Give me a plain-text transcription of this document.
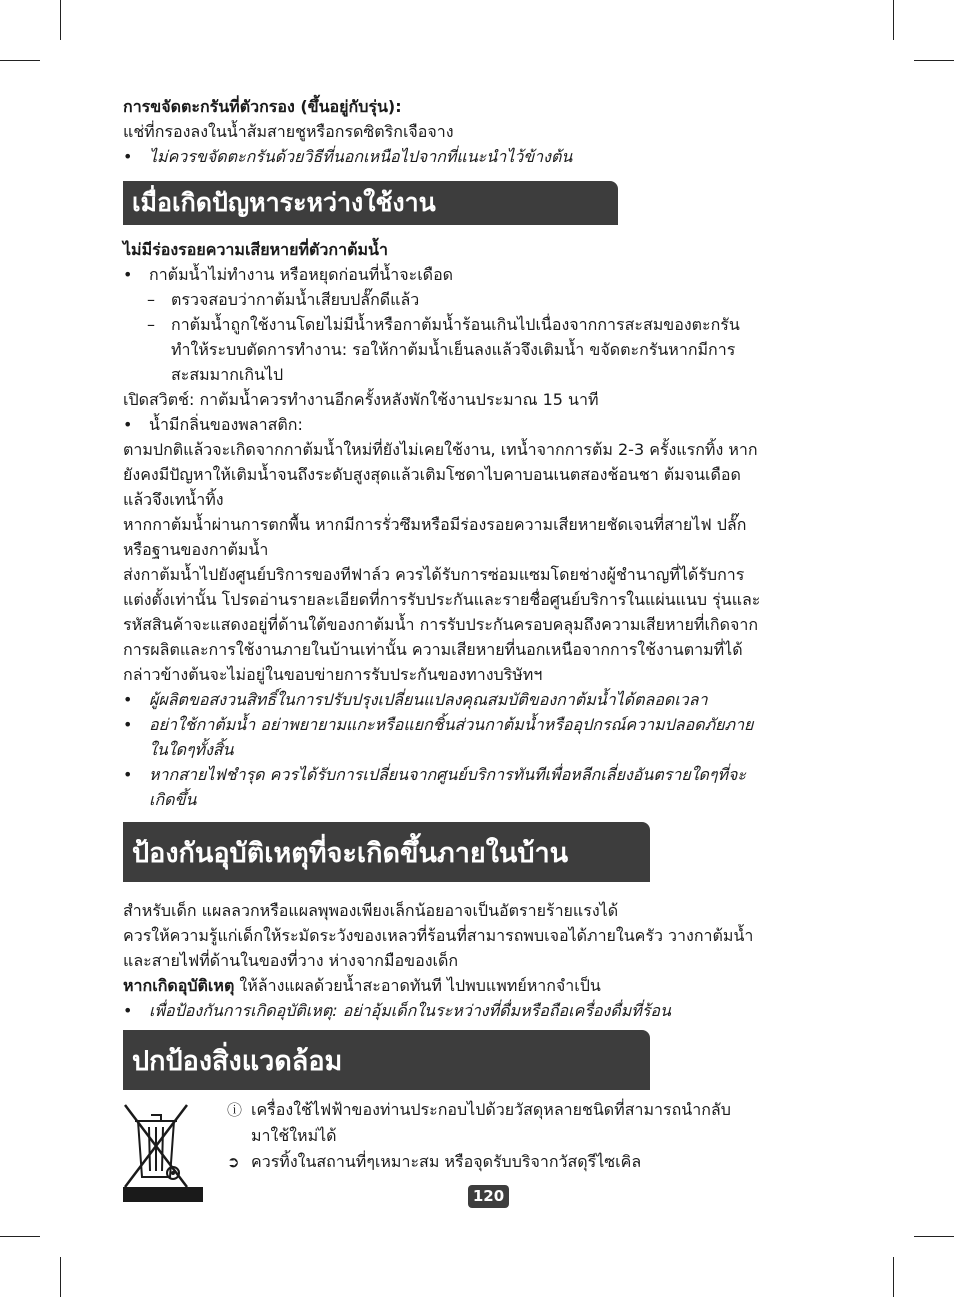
การขจัดตะกรันที่ตัวกรอง (ขึ้นอยู่กับรุ่น):
แช่ที่กรองลงในน้ำส้มสายชูหรือกรดซิตริกเจือจาง
• ไม่ควรขจัดตะกรันด้วยวิธีที่นอกเหนือไปจากที่แนะนำไว้ข้างต้น
เมื่อเกิดปัญหาระหว่างใช้งาน
ไม่มีร่องรอยความเสียหายที่ตัวกาต้มน้ำ
• กาต้มน้ำไม่ทำงาน หรือหยุดก่อนที่น้ำจะเดือด
– ตรวจสอบว่ากาต้มน้ำเสียบปลั๊กดีแล้ว
– กาต้มน้ำถูกใช้งานโดยไม่มีน้ำหรือกาต้มน้ำร้อนเกินไปเนื่องจากการสะสมของตะกรัน
ทำให้ระบบตัดการทำงาน: รอให้กาต้มน้ำเย็นลงแล้วจึงเติมน้ำ ขจัดตะกรันหากมีการ
สะสมมากเกินไป
เปิดสวิตช์: กาต้มน้ำควรทำงานอีกครั้งหลังพักใช้งานประมาณ 15 นาที
• น้ำมีกลิ่นของพลาสติก:
ตามปกติแล้วจะเกิดจากกาต้มน้ำใหม่ที่ยังไม่เคยใช้งาน, เทน้ำจากการต้ม 2-3 ครั้งแรกทิ้ง หาก
ยังคงมีปัญหาให้เติมน้ำจนถึงระดับสูงสุดแล้วเติมโซดาไบคาบอนเนตสองช้อนชา ต้มจนเดือด
แล้วจึงเทน้ำทิ้ง
หากกาต้มน้ำผ่านการตกพื้น หากมีการรั่วซึมหรือมีร่องรอยความเสียหายชัดเจนที่สายไฟ ปลั๊ก
หรือฐานของกาต้มน้ำ
ส่งกาต้มน้ำไปยังศูนย์บริการของทีฟาล์ว ควรได้รับการซ่อมแซมโดยช่างผู้ชำนาญที่ได้รับการ
แต่งตั้งเท่านั้น โปรดอ่านรายละเอียดที่การรับประกันและรายชื่อศูนย์บริการในแผ่นแนบ รุ่นและ
รหัสสินค้าจะแสดงอยู่ที่ด้านใต้ของกาต้มน้ำ การรับประกันครอบคลุมถึงความเสียหายที่เกิดจาก
การผลิตและการใช้งานภายในบ้านเท่านั้น ความเสียหายที่นอกเหนือจากการใช้งานตามที่ได้
กล่าวข้างต้นจะไม่อยู่ในขอบข่ายการรับประกันของทางบริษัทฯ
• ผู้ผลิตขอสงวนสิทธิ์ในการปรับปรุงเปลี่ยนแปลงคุณสมบัติของกาต้มน้ำได้ตลอดเวลา
• อย่าใช้กาต้มน้ำ อย่าพยายามแกะหรือแยกชิ้นส่วนกาต้มน้ำหรืออุปกรณ์ความปลอดภัยภาย
ในใดๆทั้งสิ้น
• หากสายไฟชำรุด ควรได้รับการเปลี่ยนจากศูนย์บริการทันทีเพื่อหลีกเลี่ยงอันตรายใดๆที่จะ
เกิดขึ้น
ป้องกันอุบัติเหตุที่จะเกิดขึ้นภายในบ้าน
สำหรับเด็ก แผลลวกหรือแผลพุพองเพียงเล็กน้อยอาจเป็นอัตรายร้ายแรงได้
ควรให้ความรู้แก่เด็กให้ระมัดระวังของเหลวที่ร้อนที่สามารถพบเจอได้ภายในครัว วางกาต้มน้ำ
และสายไฟที่ด้านในของที่วาง ห่างจากมือของเด็ก
หากเกิดอุบัติเหตุ ให้ล้างแผลด้วยน้ำสะอาดทันที ไปพบแพทย์หากจำเป็น
• เพื่อป้องกันการเกิดอุบัติเหตุ: อย่าอุ้มเด็กในระหว่างที่ดื่มหรือถือเครื่องดื่มที่ร้อน
ปกป้องสิ่งแวดล้อม
ⓘ เครื่องใช้ไฟฟ้าของท่านประกอบไปด้วยวัสดุหลายชนิดที่สามารถนำกลับ
มาใช้ใหม่ได้
➲ ควรทิ้งในสถานที่ๆเหมาะสม หรือจุดรับบริจากวัสดุรีไซเคิล
120
